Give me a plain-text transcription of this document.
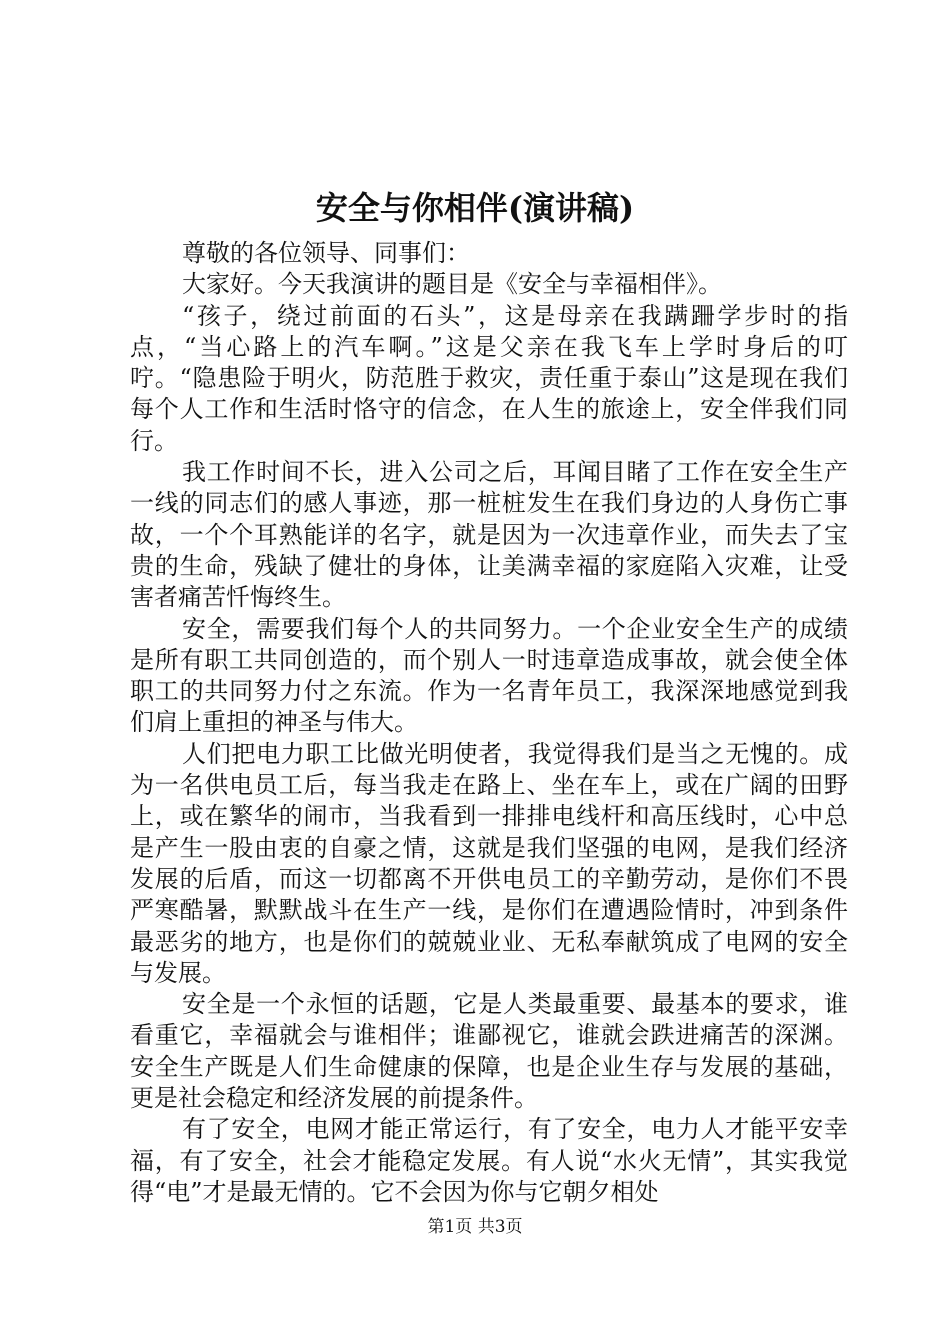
安全与你相伴(演讲稿)

尊敬的各位领导、同事们：

大家好。今天我演讲的题目是《安全与幸福相伴》。

“孩子，绕过前面的石头”，这是母亲在我蹒跚学步时的指点，“当心路上的汽车啊。”这是父亲在我飞车上学时身后的叮咛。“隐患险于明火，防范胜于救灾，责任重于泰山”这是现在我们每个人工作和生活时恪守的信念，在人生的旅途上，安全伴我们同行。

我工作时间不长，进入公司之后，耳闻目睹了工作在安全生产一线的同志们的感人事迹，那一桩桩发生在我们身边的人身伤亡事故，一个个耳熟能详的名字，就是因为一次违章作业，而失去了宝贵的生命，残缺了健壮的身体，让美满幸福的家庭陷入灾难，让受害者痛苦忏悔终生。

安全，需要我们每个人的共同努力。一个企业安全生产的成绩是所有职工共同创造的，而个别人一时违章造成事故，就会使全体职工的共同努力付之东流。作为一名青年员工，我深深地感觉到我们肩上重担的神圣与伟大。

人们把电力职工比做光明使者，我觉得我们是当之无愧的。成为一名供电员工后，每当我走在路上、坐在车上，或在广阔的田野上，或在繁华的闹市，当我看到一排排电线杆和高压线时，心中总是产生一股由衷的自豪之情，这就是我们坚强的电网，是我们经济发展的后盾，而这一切都离不开供电员工的辛勤劳动，是你们不畏严寒酷暑，默默战斗在生产一线，是你们在遭遇险情时，冲到条件最恶劣的地方，也是你们的兢兢业业、无私奉献筑成了电网的安全与发展。

安全是一个永恒的话题，它是人类最重要、最基本的要求，谁看重它，幸福就会与谁相伴；谁鄙视它，谁就会跌进痛苦的深渊。安全生产既是人们生命健康的保障，也是企业生存与发展的基础，更是社会稳定和经济发展的前提条件。

有了安全，电网才能正常运行，有了安全，电力人才能平安幸福，有了安全，社会才能稳定发展。有人说“水火无情”，其实我觉得“电”才是最无情的。它不会因为你与它朝夕相处

第1页 共3页
